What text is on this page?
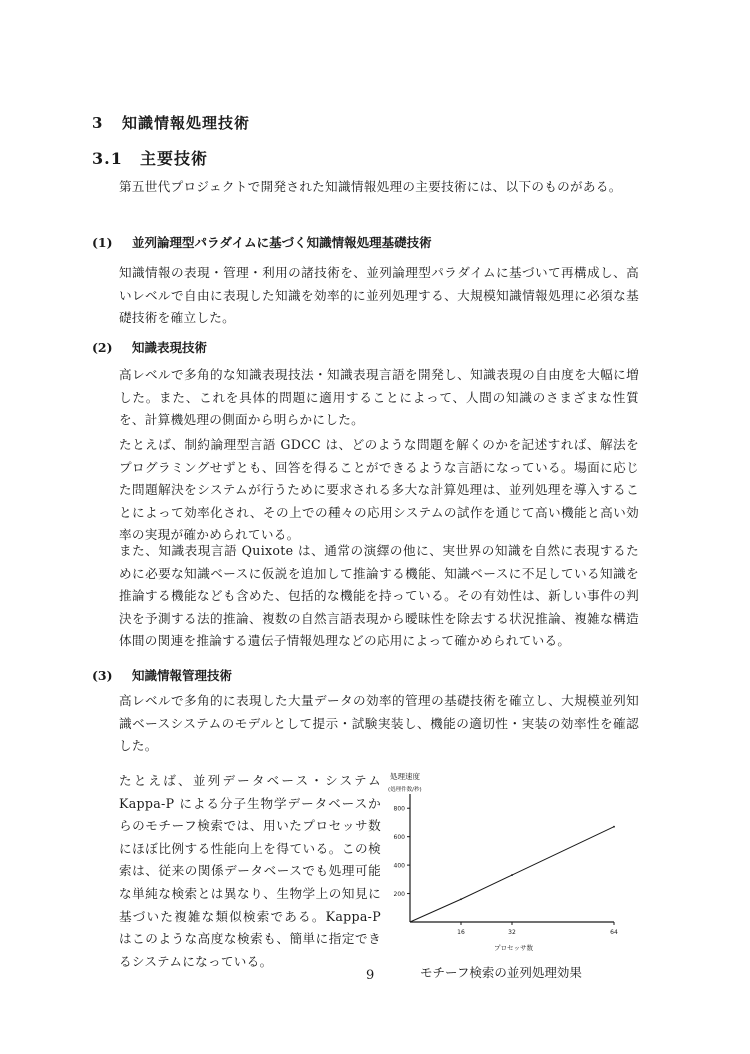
3 知識情報処理技術
3.1 主要技術

第五世代プロジェクトで開発された知識情報処理の主要技術には、以下のものがある。

(1) 並列論理型パラダイムに基づく知識情報処理基礎技術

知識情報の表現・管理・利用の諸技術を、並列論理型パラダイムに基づいて再構成し、高いレベルで自由に表現した知識を効率的に並列処理する、大規模知識情報処理に必須な基礎技術を確立した。

(2) 知識表現技術

高レベルで多角的な知識表現技法・知識表現言語を開発し、知識表現の自由度を大幅に増した。また、これを具体的問題に適用することによって、人間の知識のさまざまな性質を、計算機処理の側面から明らかにした。

たとえば、制約論理型言語 GDCC は、どのような問題を解くのかを記述すれば、解法をプログラミングせずとも、回答を得ることができるような言語になっている。場面に応じた問題解決をシステムが行うために要求される多大な計算処理は、並列処理を導入することによって効率化され、その上での種々の応用システムの試作を通じて高い機能と高い効率の実現が確かめられている。

また、知識表現言語 Quixote は、通常の演繹の他に、実世界の知識を自然に表現するために必要な知識ベースに仮説を追加して推論する機能、知識ベースに不足している知識を推論する機能なども含めた、包括的な機能を持っている。その有効性は、新しい事件の判決を予測する法的推論、複数の自然言語表現から曖昧性を除去する状況推論、複雑な構造体間の関連を推論する遺伝子情報処理などの応用によって確かめられている。

(3) 知識情報管理技術

高レベルで多角的に表現した大量データの効率的管理の基礎技術を確立し、大規模並列知識ベースシステムのモデルとして提示・試験実装し、機能の適切性・実装の効率性を確認した。

たとえば、並列データベース・システム Kappa-P による分子生物学データベースからのモチーフ検索では、用いたプロセッサ数にほぼ比例する性能向上を得ている。この検索は、従来の関係データベースでも処理可能な単純な検索とは異なり、生物学上の知見に基づいた複雑な類似検索である。Kappa-P はこのような高度な検索も、簡単に指定できるシステムになっている。

処理速度
(処理件数/秒)
200
400
600
800
16	32	64
プロセッサ数
モチーフ検索の並列処理効果
9
